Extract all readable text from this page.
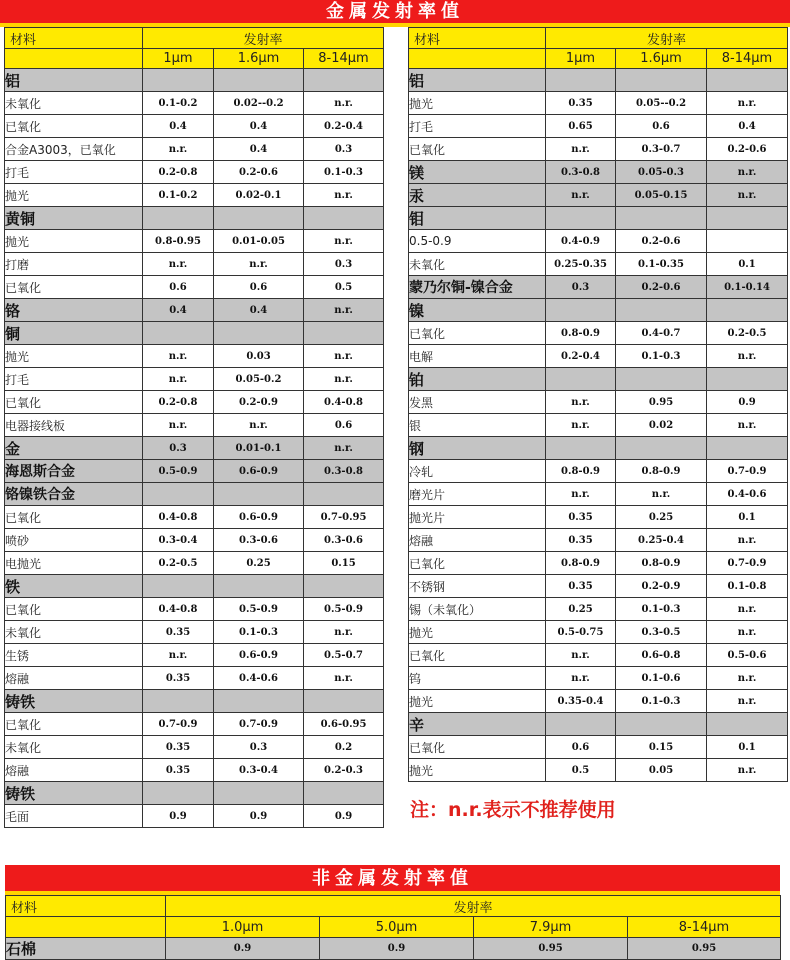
金属发射率值
材料	发射率		
	1μm	1.6μm	8-14μm
铝			
未氧化	0.1-0.2	0.02--0.2	n.r.
已氧化	0.4	0.4	0.2-0.4
合金A3003，已氧化	n.r.	0.4	0.3
打毛	0.2-0.8	0.2-0.6	0.1-0.3
抛光	0.1-0.2	0.02-0.1	n.r.
黄铜			
抛光	0.8-0.95	0.01-0.05	n.r.
打磨	n.r.	n.r.	0.3
已氧化	0.6	0.6	0.5
铬	0.4	0.4	n.r.
铜			
抛光	n.r.	0.03	n.r.
打毛	n.r.	0.05-0.2	n.r.
已氧化	0.2-0.8	0.2-0.9	0.4-0.8
电器接线板	n.r.	n.r.	0.6
金	0.3	0.01-0.1	n.r.
海恩斯合金	0.5-0.9	0.6-0.9	0.3-0.8
铬镍铁合金			
已氧化	0.4-0.8	0.6-0.9	0.7-0.95
喷砂	0.3-0.4	0.3-0.6	0.3-0.6
电抛光	0.2-0.5	0.25	0.15
铁			
已氧化	0.4-0.8	0.5-0.9	0.5-0.9
未氧化	0.35	0.1-0.3	n.r.
生锈	n.r.	0.6-0.9	0.5-0.7
熔融	0.35	0.4-0.6	n.r.
铸铁			
已氧化	0.7-0.9	0.7-0.9	0.6-0.95
未氧化	0.35	0.3	0.2
熔融	0.35	0.3-0.4	0.2-0.3
铸铁			
毛面	0.9	0.9	0.9
材料	发射率		
	1μm	1.6μm	8-14μm
铝			
抛光	0.35	0.05--0.2	n.r.
打毛	0.65	0.6	0.4
已氧化	n.r.	0.3-0.7	0.2-0.6
镁	0.3-0.8	0.05-0.3	n.r.
汞	n.r.	0.05-0.15	n.r.
钼			
0.5-0.9	0.4-0.9	0.2-0.6	
未氧化	0.25-0.35	0.1-0.35	0.1
蒙乃尔铜-镍合金	0.3	0.2-0.6	0.1-0.14
镍			
已氧化	0.8-0.9	0.4-0.7	0.2-0.5
电解	0.2-0.4	0.1-0.3	n.r.
铂			
发黑	n.r.	0.95	0.9
银	n.r.	0.02	n.r.
钢			
冷轧	0.8-0.9	0.8-0.9	0.7-0.9
磨光片	n.r.	n.r.	0.4-0.6
抛光片	0.35	0.25	0.1
熔融	0.35	0.25-0.4	n.r.
已氧化	0.8-0.9	0.8-0.9	0.7-0.9
不锈钢	0.35	0.2-0.9	0.1-0.8
锡（未氧化）	0.25	0.1-0.3	n.r.
抛光	0.5-0.75	0.3-0.5	n.r.
已氧化	n.r.	0.6-0.8	0.5-0.6
钨	n.r.	0.1-0.6	n.r.
抛光	0.35-0.4	0.1-0.3	n.r.
辛			
已氧化	0.6	0.15	0.1
抛光	0.5	0.05	n.r.
注：n.r.表示不推荐使用
非金属发射率值
材料	发射率			
	1.0μm	5.0μm	7.9μm	8-14μm
石棉	0.9	0.9	0.95	0.95
